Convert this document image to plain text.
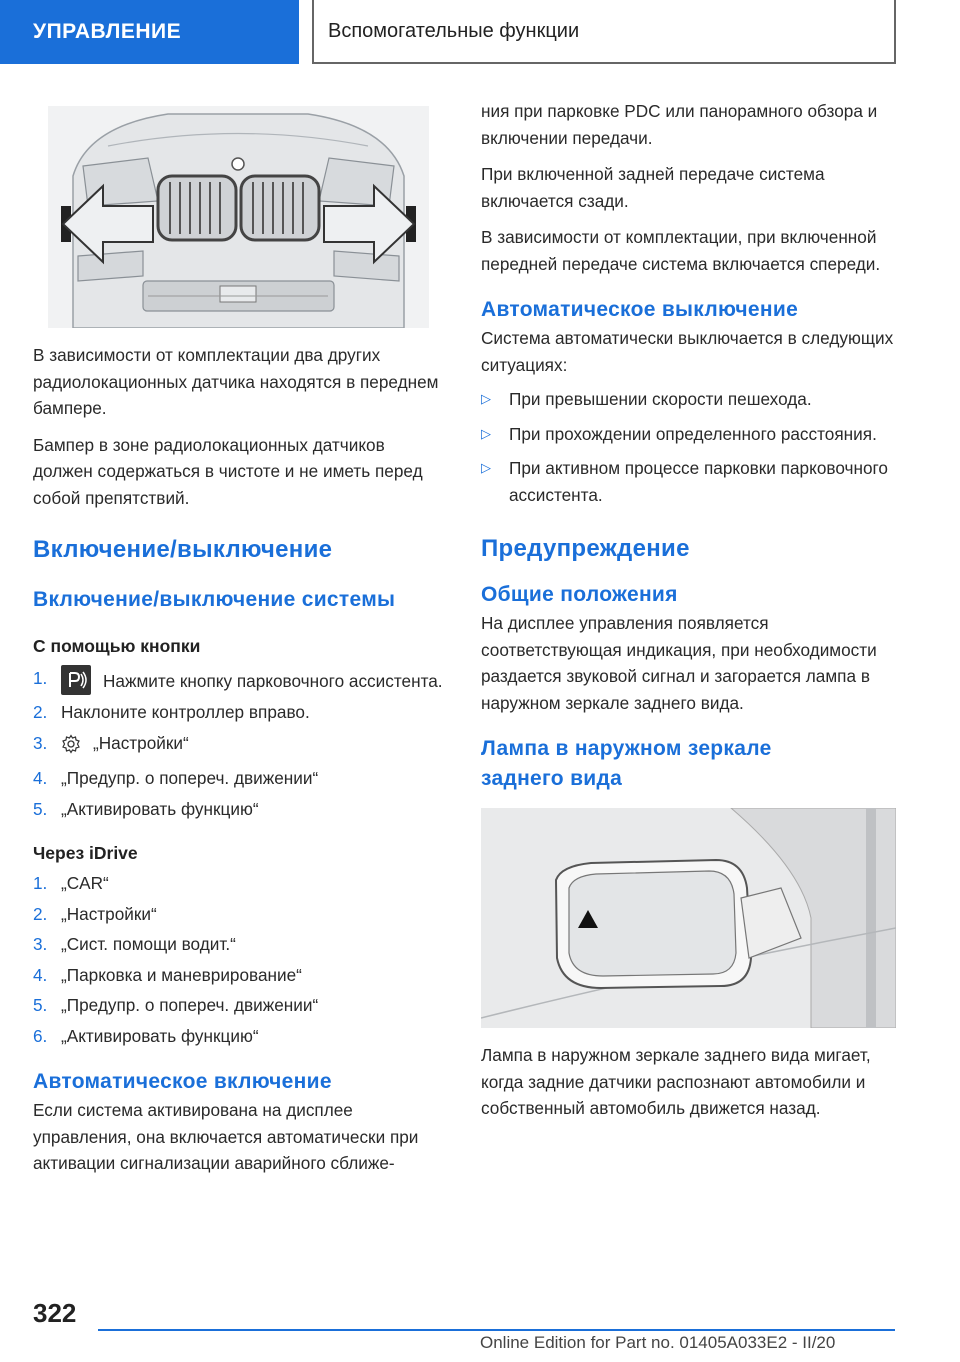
УПРАВЛЕНИЕ	Вспомогательные функции

В зависимости от комплектации два других радиолокационных датчика находятся в переднем бампере.

Бампер в зоне радиолокационных датчиков должен содержаться в чистоте и не иметь перед собой препятствий.

Включение/выключение
Включение/выключение системы
С помощью кнопки
1.	Нажмите кнопку парковочного ассистента.
2. Наклоните контроллер вправо.
3.	„Настройки“
4. „Предупр. о попереч. движении“
5. „Активировать функцию“
Через iDrive
1. „CAR“
2. „Настройки“
3. „Сист. помощи водит.“
4. „Парковка и маневрирование“
5. „Предупр. о попереч. движении“
6. „Активировать функцию“
Автоматическое включение

Если система активирована на дисплее управления, она включается автоматически при активации сигнализации аварийного сближе-

ния при парковке PDC или панорамного обзора и включении передачи.

При включенной задней передаче система включается сзади.

В зависимости от комплектации, при включенной передней передаче система включается спереди.

Автоматическое выключение

Система автоматически выключается в следующих ситуациях:

▷	При превышении скорости пешехода.
▷	При прохождении определенного расстояния.
▷	При активном процессе парковки парковочного ассистента.
Предупреждение
Общие положения

На дисплее управления появляется соответствующая индикация, при необходимости раздается звуковой сигнал и загорается лампа в наружном зеркале заднего вида.

Лампа в наружном зеркале заднего вида

Лампа в наружном зеркале заднего вида мигает, когда задние датчики распознают автомобили и собственный автомобиль движется назад.

322
Online Edition for Part no. 01405A033E2 - II/20
